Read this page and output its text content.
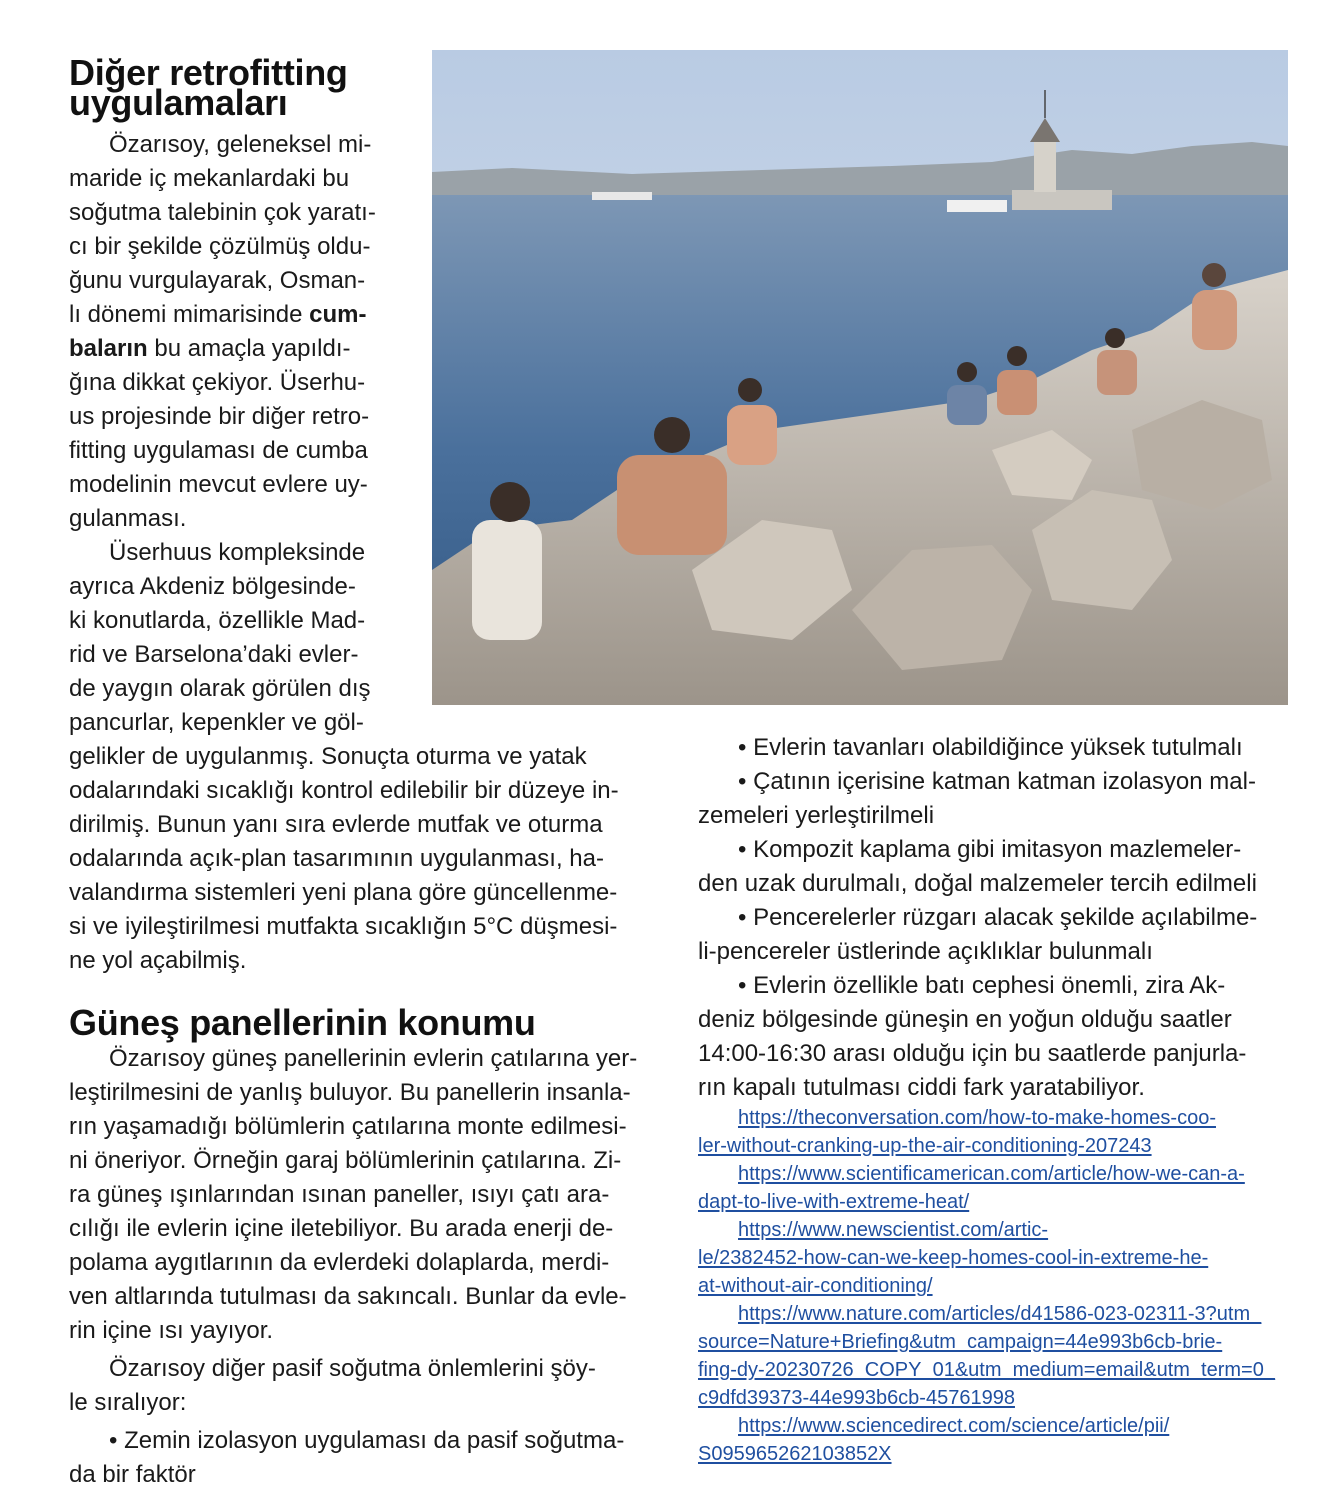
Diğer retrofitting
uygulamaları
Özarısoy, geleneksel mi-
maride iç mekanlardaki bu
soğutma talebinin çok yaratı-
cı bir şekilde çözülmüş oldu-
ğunu vurgulayarak, Osman-
lı dönemi mimarisinde cum-
baların bu amaçla yapıldı-
ğına dikkat çekiyor. Üserhu-
us projesinde bir diğer retro-
fitting uygulaması de cumba
modelinin mevcut evlere uy-
gulanması.
Üserhuus kompleksinde
ayrıca Akdeniz bölgesinde-
ki konutlarda, özellikle Mad-
rid ve Barselona’daki evler-
de yaygın olarak görülen dış
pancurlar, kepenkler ve göl-
gelikler de uygulanmış. Sonuçta oturma ve yatak
odalarındaki sıcaklığı kontrol edilebilir bir düzeye in-
dirilmiş. Bunun yanı sıra evlerde mutfak ve oturma
odalarında açık-plan tasarımının uygulanması, ha-
valandırma sistemleri yeni plana göre güncellenme-
si ve iyileştirilmesi mutfakta sıcaklığın 5°C düşmesi-
ne yol açabilmiş.
Güneş panellerinin konumu
Özarısoy güneş panellerinin evlerin çatılarına yer-
leştirilmesini de yanlış buluyor. Bu panellerin insanla-
rın yaşamadığı bölümlerin çatılarına monte edilmesi-
ni öneriyor. Örneğin garaj bölümlerinin çatılarına. Zi-
ra güneş ışınlarından ısınan paneller, ısıyı çatı ara-
cılığı ile evlerin içine iletebiliyor. Bu arada enerji de-
polama aygıtlarının da evlerdeki dolaplarda, merdi-
ven altlarında tutulması da sakıncalı. Bunlar da evle-
rin içine ısı yayıyor.
Özarısoy diğer pasif soğutma önlemlerini şöy-
le sıralıyor:
• Zemin izolasyon uygulaması da pasif soğutma-
da bir faktör
• Evlerin tavanları olabildiğince yüksek tutulmalı
• Çatının içerisine katman katman izolasyon mal-
zemeleri yerleştirilmeli
• Kompozit kaplama gibi imitasyon mazlemeler-
den uzak durulmalı, doğal malzemeler tercih edilmeli
• Pencerelerler rüzgarı alacak şekilde açılabilme-
li-pencereler üstlerinde açıklıklar bulunmalı
• Evlerin özellikle batı cephesi önemli, zira Ak-
deniz bölgesinde güneşin en yoğun olduğu saatler
14:00-16:30 arası olduğu için bu saatlerde panjurla-
rın kapalı tutulması ciddi fark yaratabiliyor.
https://theconversation.com/how-to-make-homes-coo-
ler-without-cranking-up-the-air-conditioning-207243
https://www.scientificamerican.com/article/how-we-can-a-
dapt-to-live-with-extreme-heat/
https://www.newscientist.com/artic-
le/2382452-how-can-we-keep-homes-cool-in-extreme-he-
at-without-air-conditioning/
https://www.nature.com/articles/d41586-023-02311-3?utm_
source=Nature+Briefing&utm_campaign=44e993b6cb-brie-
fing-dy-20230726_COPY_01&utm_medium=email&utm_term=0_
c9dfd39373-44e993b6cb-45761998
https://www.sciencedirect.com/science/article/pii/
S095965262103852X
